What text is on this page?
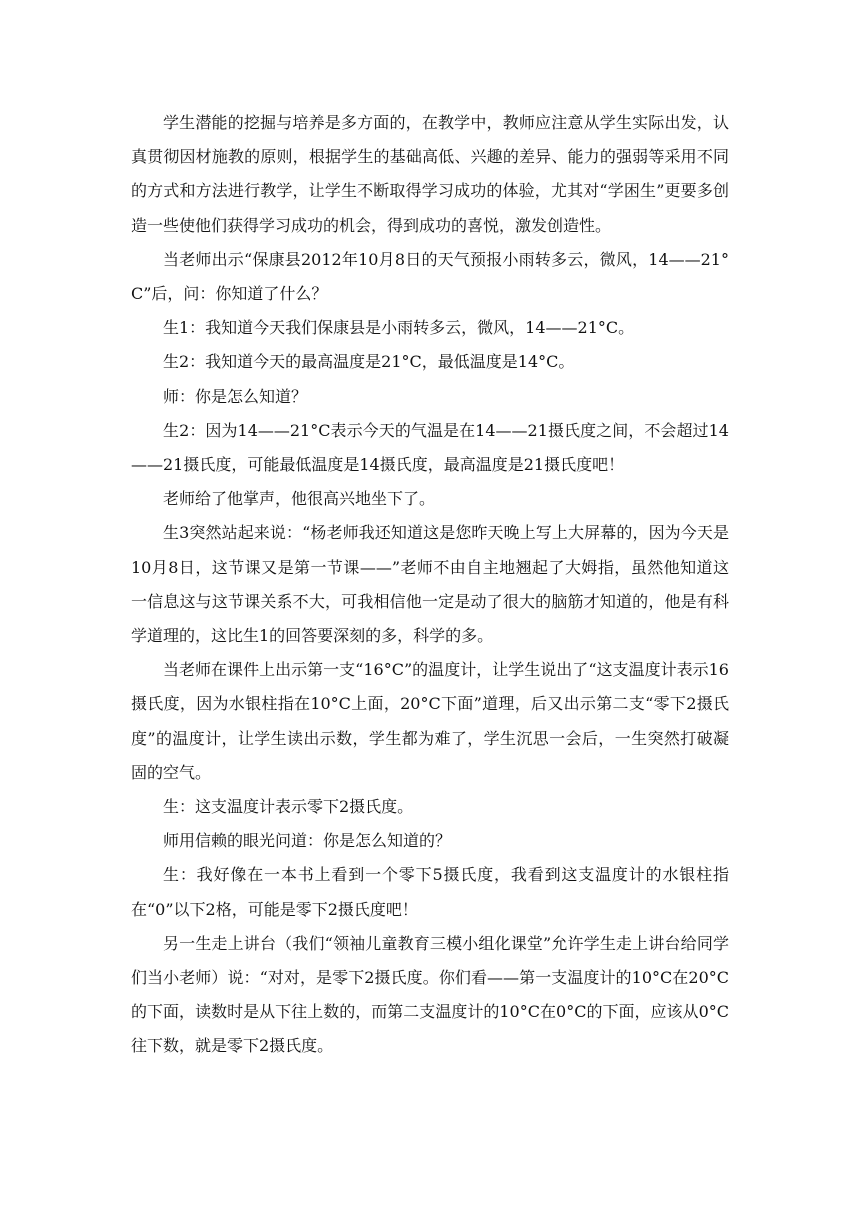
学生潜能的挖掘与培养是多方面的，在教学中，教师应注意从学生实际出发，认真贯彻因材施教的原则，根据学生的基础高低、兴趣的差异、能力的强弱等采用不同的方式和方法进行教学，让学生不断取得学习成功的体验，尤其对“学困生”更要多创造一些使他们获得学习成功的机会，得到成功的喜悦，激发创造性。

当老师出示“保康县2012年10月8日的天气预报小雨转多云，微风，14——21°C”后，问：你知道了什么？

生1：我知道今天我们保康县是小雨转多云，微风，14——21°C。

生2：我知道今天的最高温度是21°C，最低温度是14°C。

师：你是怎么知道？

生2：因为14——21°C表示今天的气温是在14——21摄氏度之间，不会超过14——21摄氏度，可能最低温度是14摄氏度，最高温度是21摄氏度吧！

老师给了他掌声，他很高兴地坐下了。

生3突然站起来说：“杨老师我还知道这是您昨天晚上写上大屏幕的，因为今天是10月8日，这节课又是第一节课——”老师不由自主地翘起了大姆指，虽然他知道这一信息这与这节课关系不大，可我相信他一定是动了很大的脑筋才知道的，他是有科学道理的，这比生1的回答要深刻的多，科学的多。

当老师在课件上出示第一支“16°C”的温度计，让学生说出了“这支温度计表示16摄氏度，因为水银柱指在10°C上面，20°C下面”道理，后又出示第二支“零下2摄氏度”的温度计，让学生读出示数，学生都为难了，学生沉思一会后，一生突然打破凝固的空气。

生：这支温度计表示零下2摄氏度。

师用信赖的眼光问道：你是怎么知道的？

生：我好像在一本书上看到一个零下5摄氏度，我看到这支温度计的水银柱指在“0”以下2格，可能是零下2摄氏度吧！

另一生走上讲台（我们“领袖儿童教育三模小组化课堂”允许学生走上讲台给同学们当小老师）说：“对对，是零下2摄氏度。你们看——第一支温度计的10°C在20°C的下面，读数时是从下往上数的，而第二支温度计的10°C在0°C的下面，应该从0°C往下数，就是零下2摄氏度。
